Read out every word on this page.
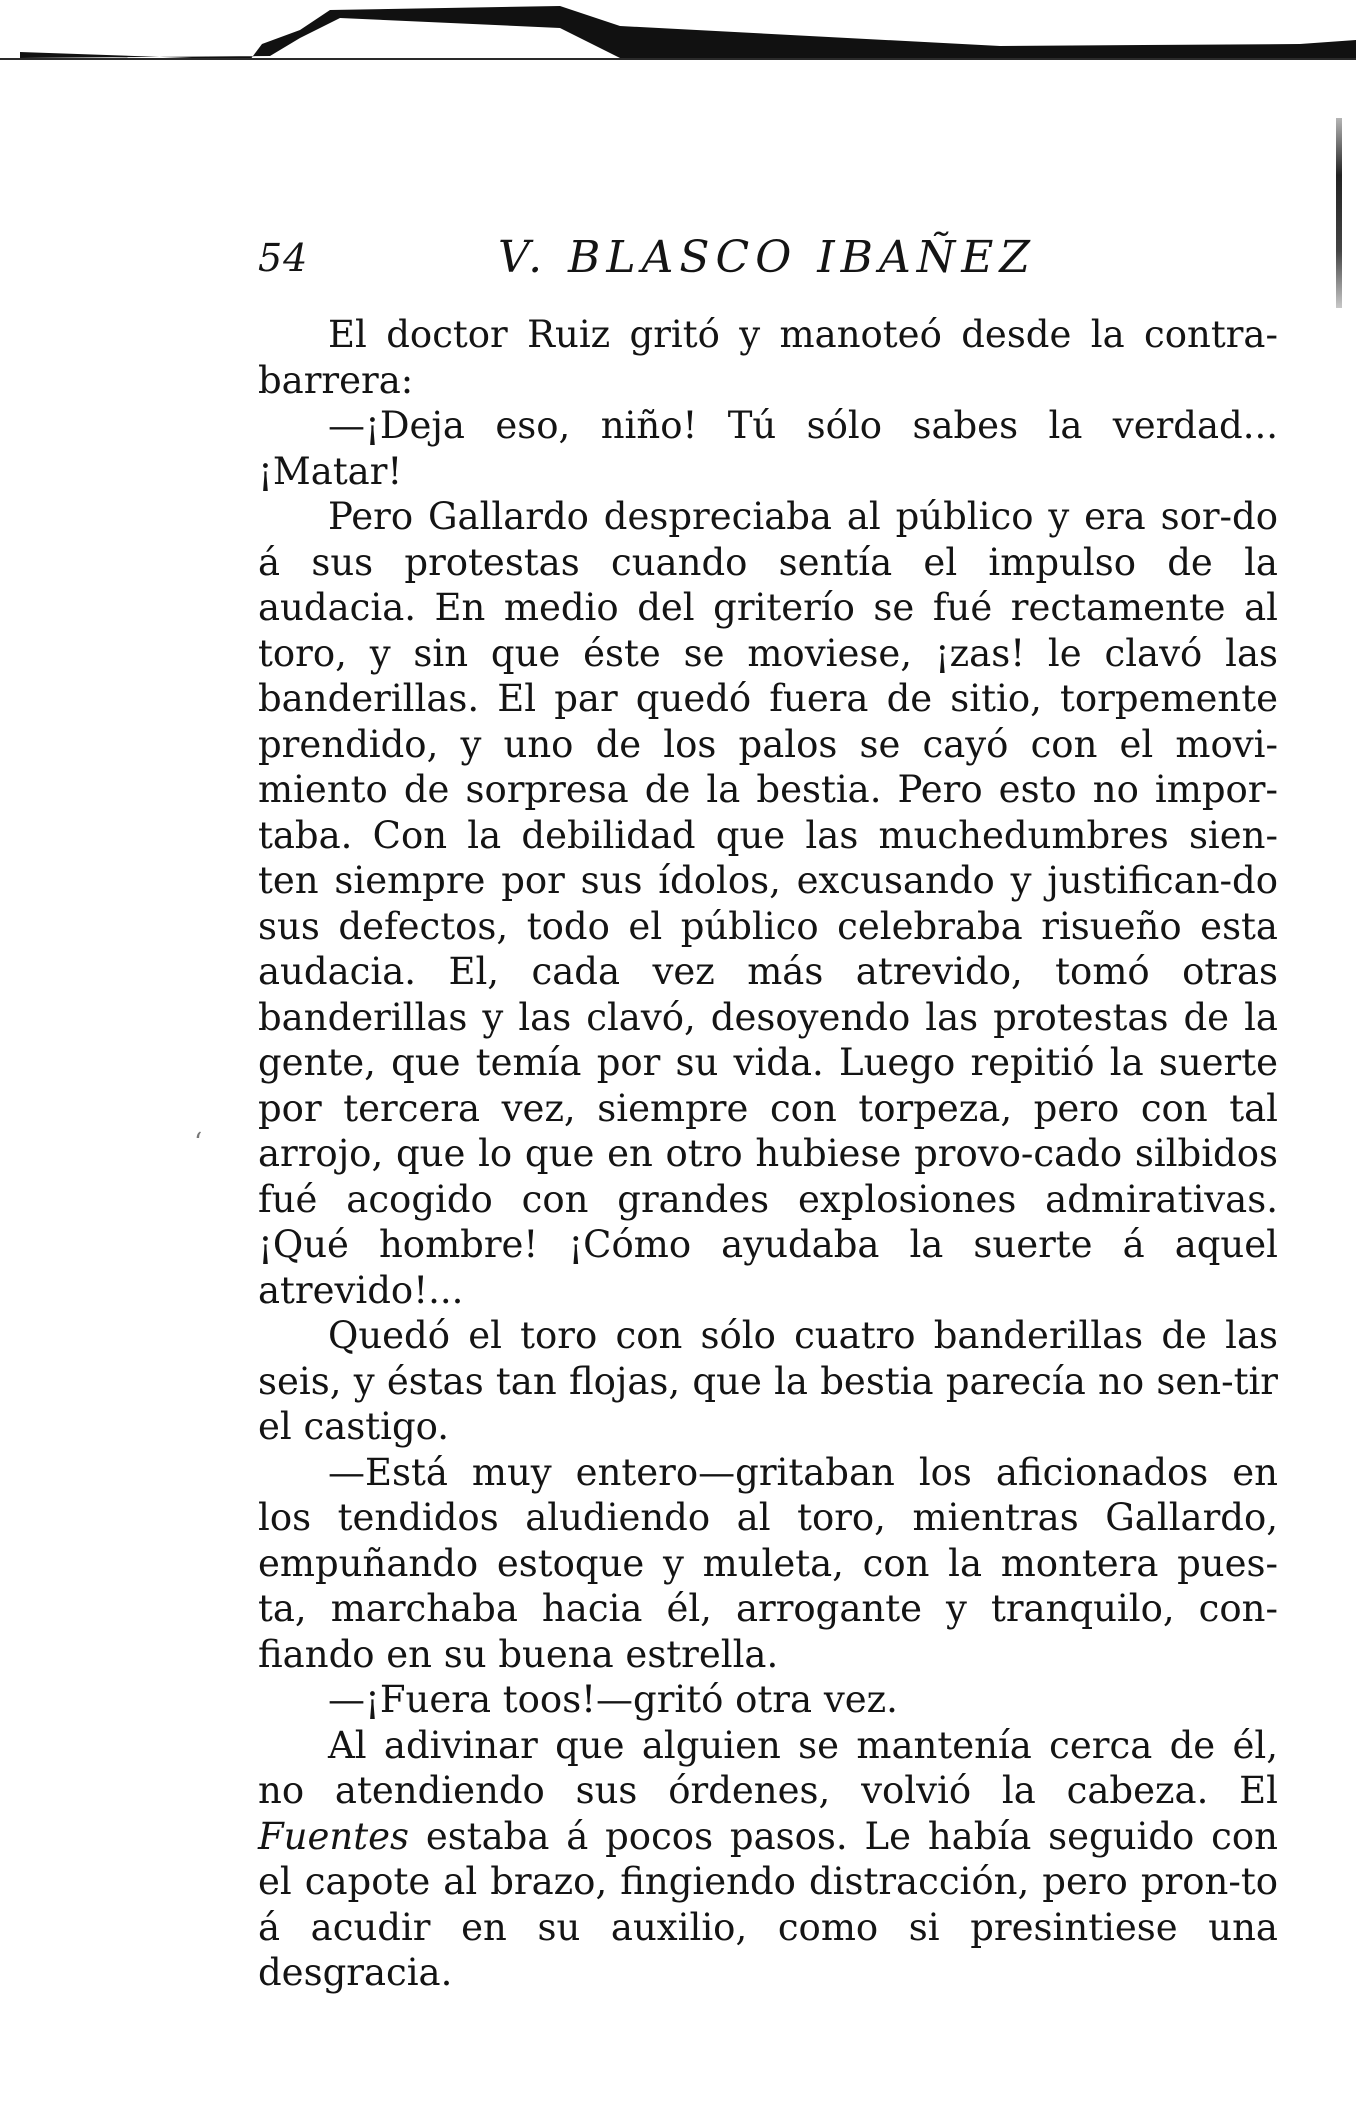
ʻ
54	V. BLASCO IBAÑEZ

El doctor Ruiz gritó y manoteó desde la contra-barrera:

—¡Deja eso, niño! Tú sólo sabes la verdad... ¡Matar!

Pero Gallardo despreciaba al público y era sor-do á sus protestas cuando sentía el impulso de la audacia. En medio del griterío se fué rectamente al toro, y sin que éste se moviese, ¡zas! le clavó las banderillas. El par quedó fuera de sitio, torpemente prendido, y uno de los palos se cayó con el movi-miento de sorpresa de la bestia. Pero esto no impor-taba. Con la debilidad que las muchedumbres sien-ten siempre por sus ídolos, excusando y justifican-do sus defectos, todo el público celebraba risueño esta audacia. El, cada vez más atrevido, tomó otras banderillas y las clavó, desoyendo las protestas de la gente, que temía por su vida. Luego repitió la suerte por tercera vez, siempre con torpeza, pero con tal arrojo, que lo que en otro hubiese provo-cado silbidos fué acogido con grandes explosiones admirativas. ¡Qué hombre! ¡Cómo ayudaba la suerte á aquel atrevido!...

Quedó el toro con sólo cuatro banderillas de las seis, y éstas tan flojas, que la bestia parecía no sen-tir el castigo.

—Está muy entero—gritaban los aficionados en los tendidos aludiendo al toro, mientras Gallardo, empuñando estoque y muleta, con la montera pues-ta, marchaba hacia él, arrogante y tranquilo, con-fiando en su buena estrella.

—¡Fuera toos!—gritó otra vez.

Al adivinar que alguien se mantenía cerca de él, no atendiendo sus órdenes, volvió la cabeza. El Fuentes estaba á pocos pasos. Le había seguido con el capote al brazo, fingiendo distracción, pero pron-to á acudir en su auxilio, como si presintiese una desgracia.
